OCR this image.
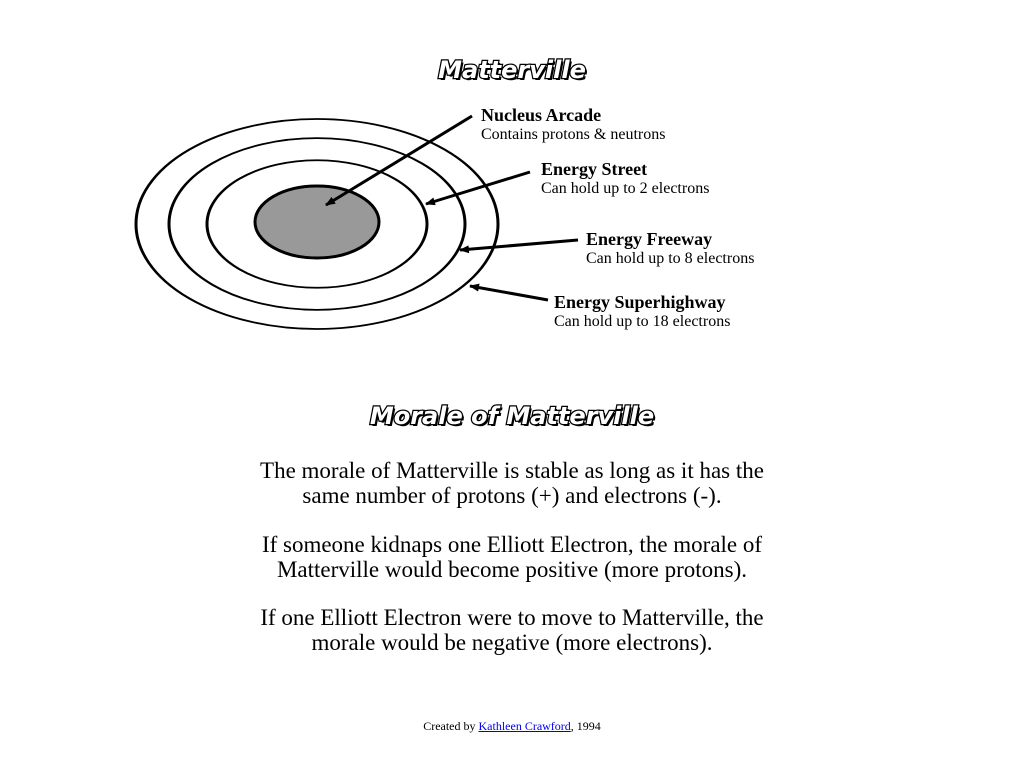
Matterville
Nucleus Arcade
Contains protons & neutrons
Energy Street
Can hold up to 2 electrons
Energy Freeway
Can hold up to 8 electrons
Energy Superhighway
Can hold up to 18 electrons
Morale of Matterville

The morale of Matterville is stable as long as it has the

same number of protons (+) and electrons (-).

If someone kidnaps one Elliott Electron, the morale of

Matterville would become positive (more protons).

If one Elliott Electron were to move to Matterville, the

morale would be negative (more electrons).

Created by Kathleen Crawford, 1994
